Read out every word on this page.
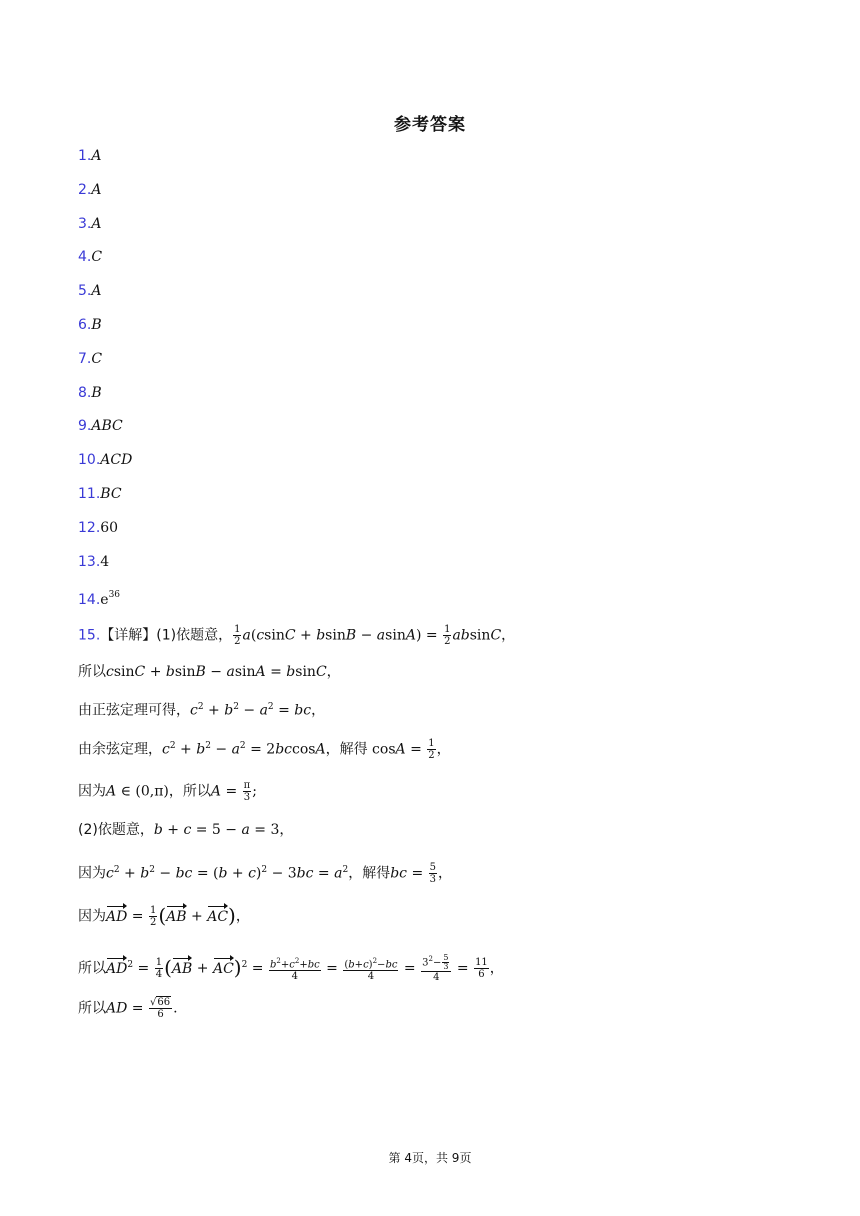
参考答案
1.A
2.A
3.A
4.C
5.A
6.B
7.C
8.B
9.ABC
10.ACD
11.BC
12.60
13.4
$14.e^{36}$
15.【详解】(1)依题意， $\frac{1}{2} a(csinC + bsinB - asinA) = \frac{1}{2}$ absinC，
所以csinC + bsinB − asinA = bsinC，
由正弦定理可得，$c^2 + b^2 - a^2$ = bc，
由余弦定理，$c^2 + b^2 - a^2 = 2bccosA$，解得 $\cos A = \frac{1}{2}$ ，
因为A ∈ (0,π)，所以$A = \frac{\pi}{3}$ ;
(2)依题意，b + c = 5 − a = 3，
因为$c^2 + b^2$ − bc = $(b + c)^2 - 3bc = a^2$，解得bc = $\frac{5}{3}$ ，
因为AD = $\frac{1}{2} (AB + AC)$，
所以$AD^2 = \frac{1}{4} (AB + AC)^2 = \frac{b^2+c^2+bc}{4} = \frac{(b+c)^2-bc}{4} = \frac{3^2- \frac{5}{3}}{4} = \frac{11}{6}$ ，
所以AD = $\frac{√66}{6}$ .
第 4页，共 9页
